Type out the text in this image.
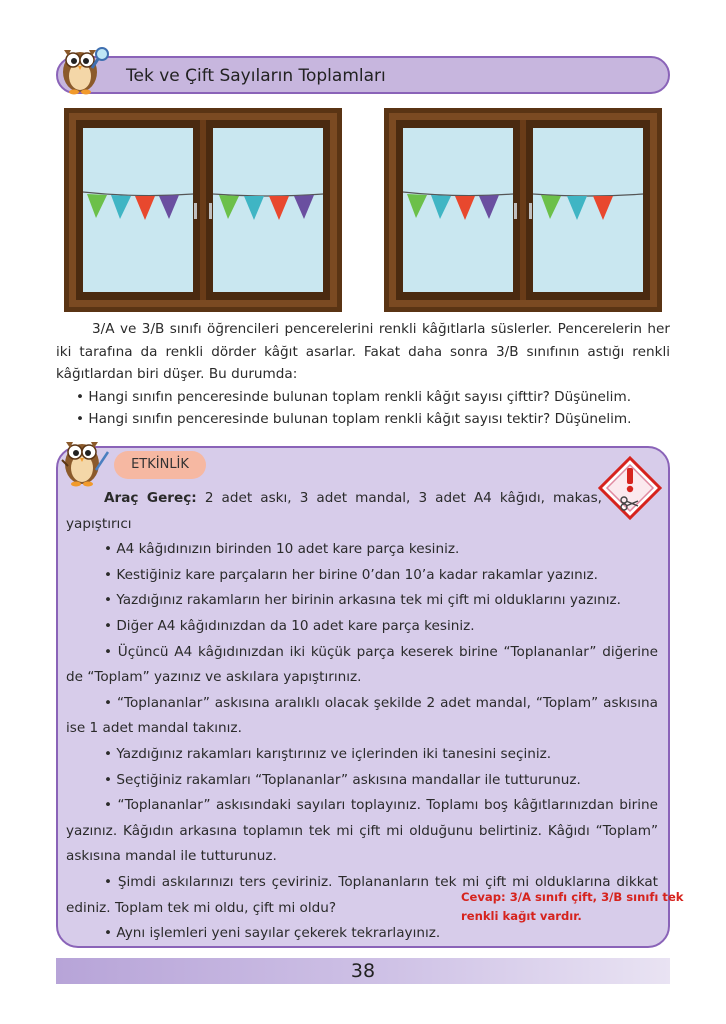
Tek ve Çift Sayıların Toplamları

3/A ve 3/B sınıfı öğrencileri pencerelerini renkli kâğıtlarla süslerler. Pencerelerin her iki tarafına da renkli dörder kâğıt asarlar. Fakat daha sonra 3/B sınıfının astığı renkli kâğıtlardan biri düşer. Bu durumda:

• Hangi sınıfın penceresinde bulunan toplam renkli kâğıt sayısı çifttir? Düşünelim.

• Hangi sınıfın penceresinde bulunan toplam renkli kâğıt sayısı tektir? Düşünelim.

ETKİNLİK

Araç Gereç: 2 adet askı, 3 adet mandal, 3 adet A4 kâğıdı, makas, yapıştırıcı

• A4 kâğıdınızın birinden 10 adet kare parça kesiniz.

• Kestiğiniz kare parçaların her birine 0’dan 10’a kadar rakamlar yazınız.

• Yazdığınız rakamların her birinin arkasına tek mi çift mi olduklarını yazınız.

• Diğer A4 kâğıdınızdan da 10 adet kare parça kesiniz.

• Üçüncü A4 kâğıdınızdan iki küçük parça keserek birine “Toplananlar” diğerine de “Toplam” yazınız ve askılara yapıştırınız.

• “Toplananlar” askısına aralıklı olacak şekilde 2 adet mandal, “Toplam” askısına ise 1 adet mandal takınız.

• Yazdığınız rakamları karıştırınız ve içlerinden iki tanesini seçiniz.

• Seçtiğiniz rakamları “Toplananlar” askısına mandallar ile tutturunuz.

• “Toplananlar” askısındaki sayıları toplayınız. Toplamı boş kâğıtlarınızdan birine yazınız. Kâğıdın arkasına toplamın tek mi çift mi olduğunu belirtiniz. Kâğıdı “Toplam” askısına mandal ile tutturunuz.

• Şimdi askılarınızı ters çeviriniz. Toplananların tek mi çift mi olduklarına dikkat ediniz. Toplam tek mi oldu, çift mi oldu?

• Aynı işlemleri yeni sayılar çekerek tekrarlayınız.

Cevap: 3/A sınıfı çift, 3/B sınıfı tek renkli kağıt vardır.
38
